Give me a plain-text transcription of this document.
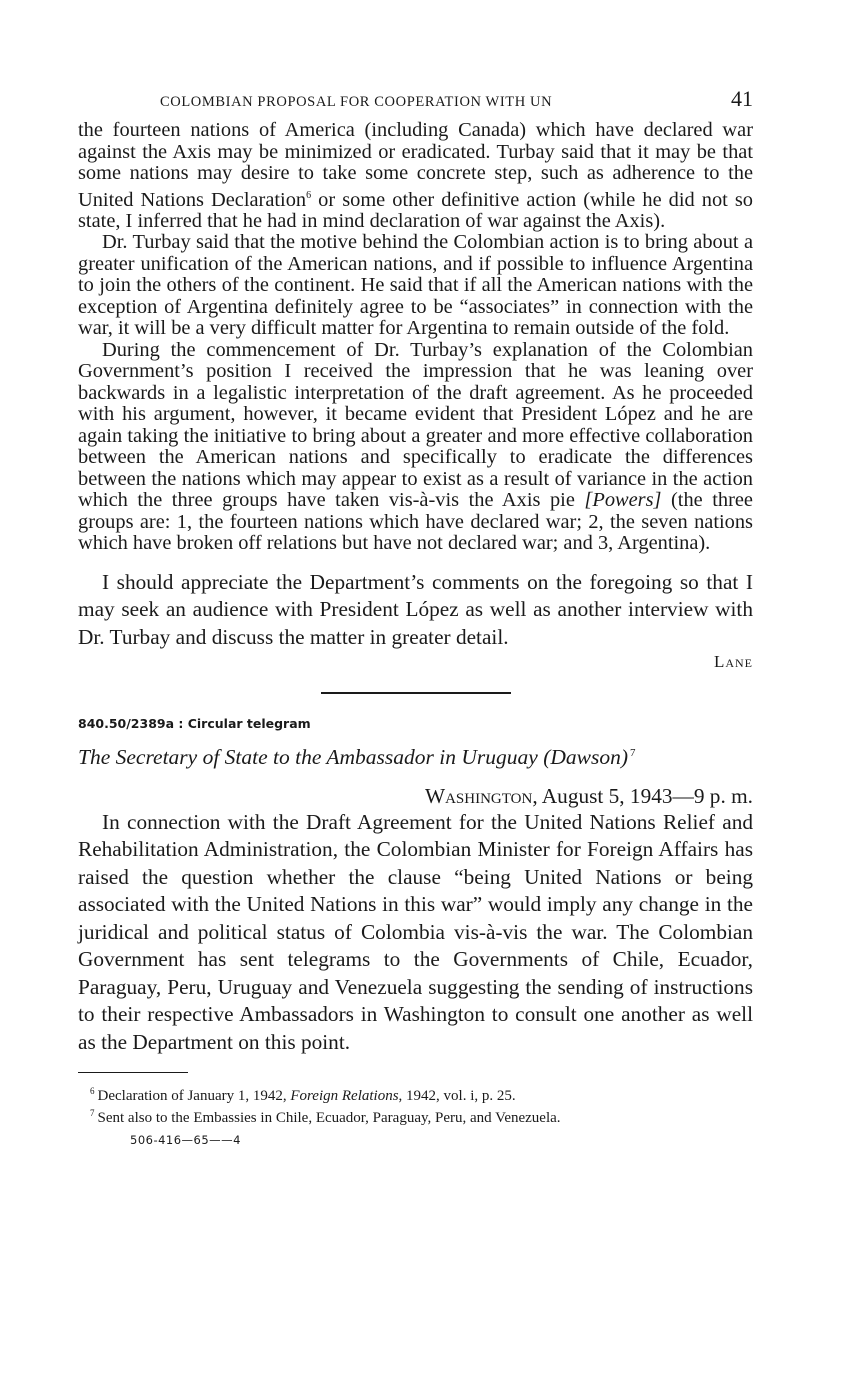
COLOMBIAN PROPOSAL FOR COOPERATION WITH UN	41

the fourteen nations of America (including Canada) which have declared war against the Axis may be minimized or eradicated. Turbay said that it may be that some nations may desire to take some concrete step, such as adherence to the United Nations Declaration$^6$ or some other definitive action (while he did not so state, I inferred that he had in mind declaration of war against the Axis).

Dr. Turbay said that the motive behind the Colombian action is to bring about a greater unification of the American nations, and if possible to influence Argentina to join the others of the continent. He said that if all the American nations with the exception of Argentina definitely agree to be “associates” in connection with the war, it will be a very difficult matter for Argentina to remain outside of the fold.

During the commencement of Dr. Turbay’s explanation of the Colombian Government’s position I received the impression that he was leaning over backwards in a legalistic interpretation of the draft agreement. As he proceeded with his argument, however, it became evident that President López and he are again taking the initiative to bring about a greater and more effective collaboration between the American nations and specifically to eradicate the differences between the nations which may appear to exist as a result of variance in the action which the three groups have taken vis-à-vis the Axis pie [Powers] (the three groups are: 1, the fourteen nations which have declared war; 2, the seven nations which have broken off relations but have not declared war; and 3, Argentina).

I should appreciate the Department’s comments on the foregoing so that I may seek an audience with President López as well as another interview with Dr. Turbay and discuss the matter in greater detail.

Lane
840.50/2389a : Circular telegram
The Secretary of State to the Ambassador in Uruguay (Dawson) $^7$
Washington, August 5, 1943—9 p. m.

In connection with the Draft Agreement for the United Nations Relief and Rehabilitation Administration, the Colombian Minister for Foreign Affairs has raised the question whether the clause “being United Nations or being associated with the United Nations in this war” would imply any change in the juridical and political status of Colombia vis-à-vis the war. The Colombian Government has sent telegrams to the Governments of Chile, Ecuador, Paraguay, Peru, Uruguay and Venezuela suggesting the sending of instructions to their respective Ambassadors in Washington to consult one another as well as the Department on this point.

$^6$ Declaration of January 1, 1942, Foreign Relations, 1942, vol. i, p. 25.
$^7$ Sent also to the Embassies in Chile, Ecuador, Paraguay, Peru, and Venezuela.
506-416—65——4
